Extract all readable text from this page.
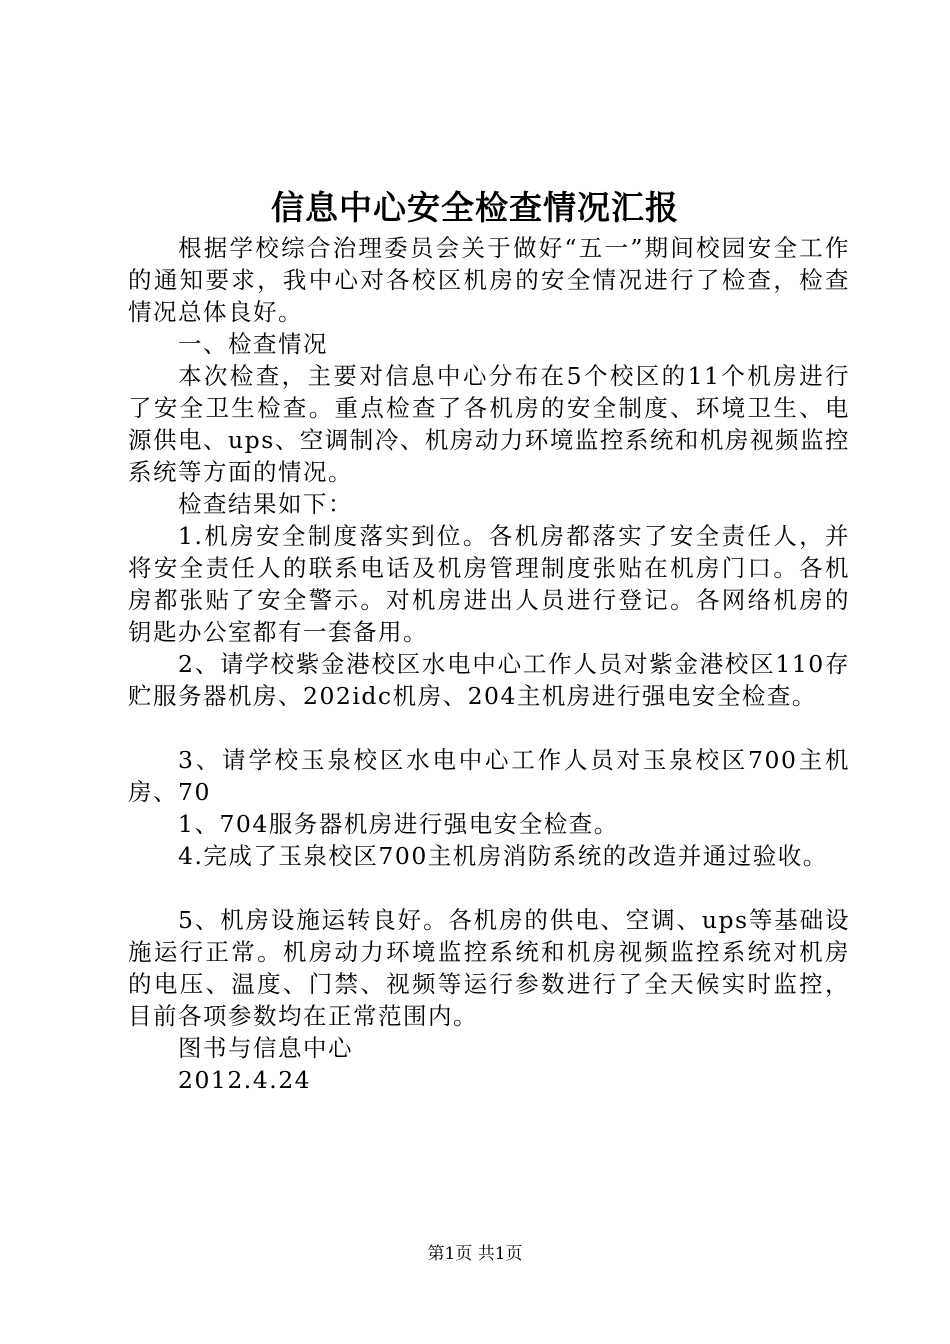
信息中心安全检查情况汇报

根据学校综合治理委员会关于做好“五一”期间校园安全工作的通知要求，我中心对各校区机房的安全情况进行了检查，检查情况总体良好。

一、检查情况

本次检查，主要对信息中心分布在5个校区的11个机房进行了安全卫生检查。重点检查了各机房的安全制度、环境卫生、电源供电、ups、空调制冷、机房动力环境监控系统和机房视频监控系统等方面的情况。

检查结果如下：

1.机房安全制度落实到位。各机房都落实了安全责任人，并将安全责任人的联系电话及机房管理制度张贴在机房门口。各机房都张贴了安全警示。对机房进出人员进行登记。各网络机房的钥匙办公室都有一套备用。

2、请学校紫金港校区水电中心工作人员对紫金港校区110存贮服务器机房、202idc机房、204主机房进行强电安全检查。

3、请学校玉泉校区水电中心工作人员对玉泉校区700主机房、70

1、704服务器机房进行强电安全检查。

4.完成了玉泉校区700主机房消防系统的改造并通过验收。

5、机房设施运转良好。各机房的供电、空调、ups等基础设施运行正常。机房动力环境监控系统和机房视频监控系统对机房的电压、温度、门禁、视频等运行参数进行了全天候实时监控，目前各项参数均在正常范围内。

图书与信息中心

2012.4.24

第1页 共1页
